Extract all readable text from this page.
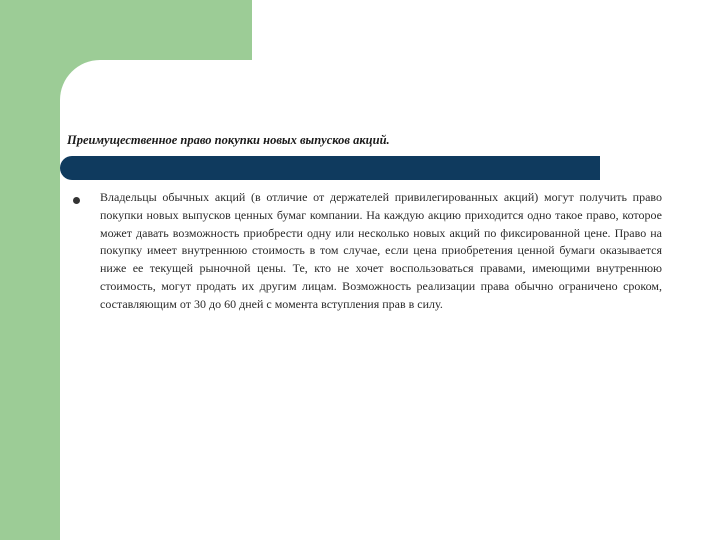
Преимущественное право покупки новых выпусков акций.
Владельцы обычных акций (в отличие от держателей привилегированных акций) могут получить право покупки новых выпусков ценных бумаг компании. На каждую акцию приходится одно такое право, которое может давать возможность приобрести одну или несколько новых акций по фиксированной цене. Право на покупку имеет внутреннюю стоимость в том случае, если цена приобретения ценной бумаги оказывается ниже ее текущей рыночной цены. Те, кто не хочет воспользоваться правами, имеющими внутреннюю стоимость, могут продать их другим лицам. Возможность реализации права обычно ограничено сроком, составляющим от 30 до 60 дней с момента вступления прав в силу.
